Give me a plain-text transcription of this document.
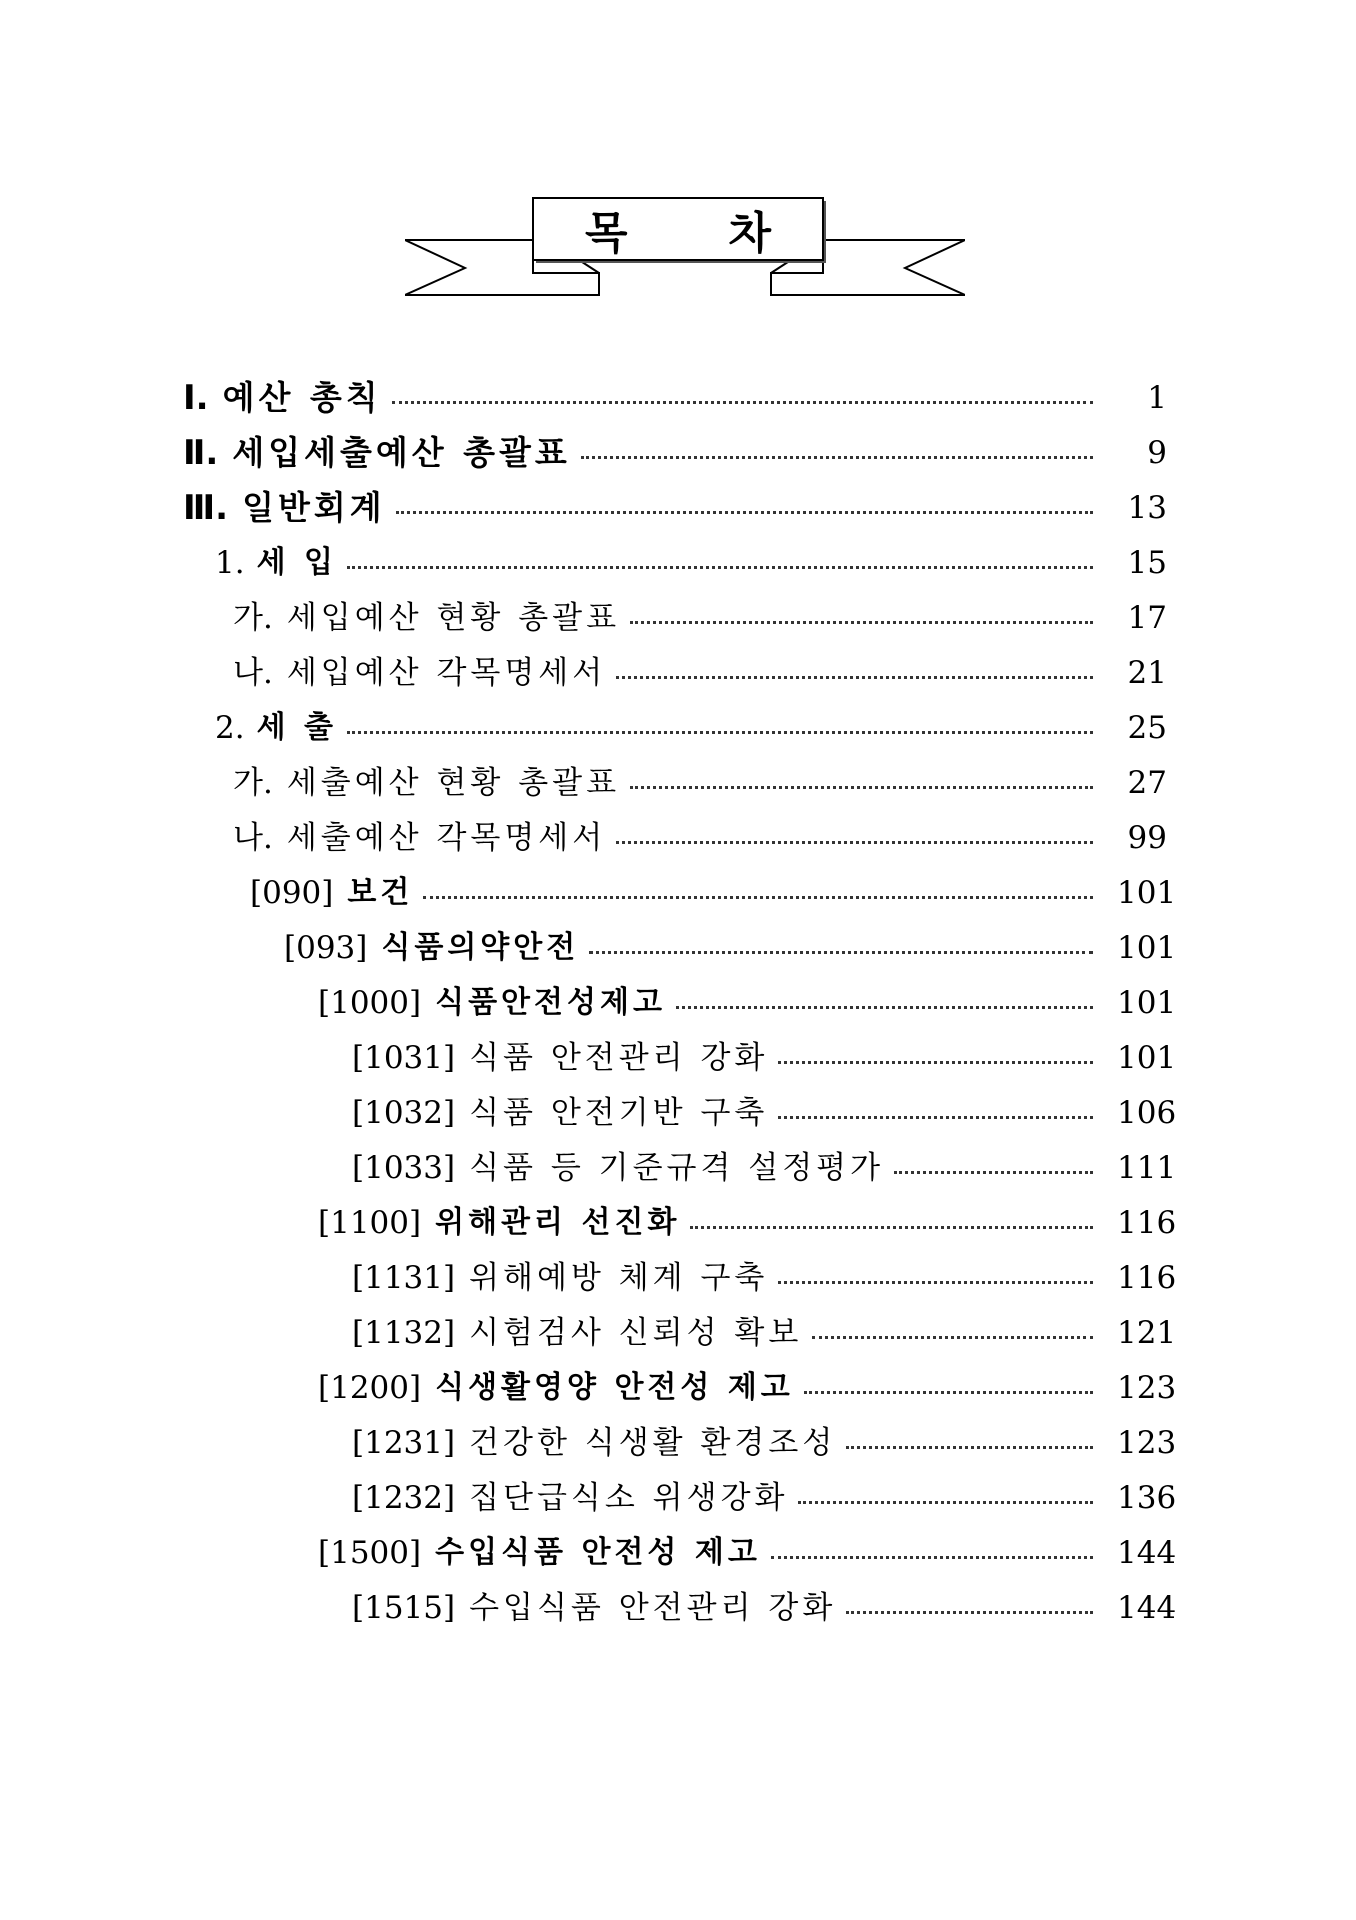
목 차
Ⅰ. 예산 총칙	1
Ⅱ. 세입세출예산 총괄표	9
Ⅲ. 일반회계	13
1. 세 입	15
가. 세입예산 현황 총괄표	17
나. 세입예산 각목명세서	21
2. 세 출	25
가. 세출예산 현황 총괄표	27
나. 세출예산 각목명세서	99
[090] 보건	101
[093] 식품의약안전	101
[1000] 식품안전성제고	101
[1031] 식품 안전관리 강화	101
[1032] 식품 안전기반 구축	106
[1033] 식품 등 기준규격 설정평가	111
[1100] 위해관리 선진화	116
[1131] 위해예방 체계 구축	116
[1132] 시험검사 신뢰성 확보	121
[1200] 식생활영양 안전성 제고	123
[1231] 건강한 식생활 환경조성	123
[1232] 집단급식소 위생강화	136
[1500] 수입식품 안전성 제고	144
[1515] 수입식품 안전관리 강화	144
